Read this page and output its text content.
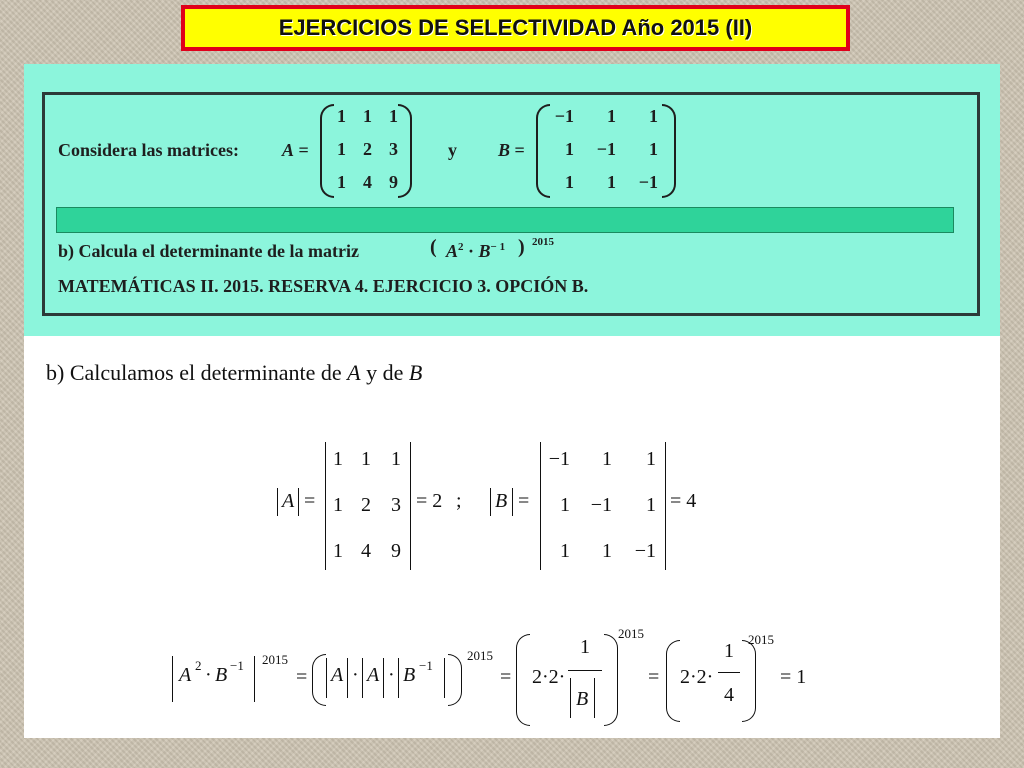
EJERCICIOS DE SELECTIVIDAD Año 2015 (II)
Considera las matrices: A =
1 1 1
1 2 3
1 4 9
y B =
−1	1	1
1	−1	1
1	1	−1
b) Calcula el determinante de la matriz	( $A^2 \cdot B^{- 1}$ ) 2015
MATEMÁTICAS II. 2015. RESERVA 4. EJERCICIO 3. OPCIÓN B.
b) Calculamos el determinante de A y de B
A =
1 1 1
1 2 3
1 4 9
= 2 ; B =
−1	1	1
1 −1	1
1	1 −1
= 4
A 2 · B −1 2015
= A · A · B −1
2015
= 2·2·
1
B
2015
= 2·2·
1
4
2015
= 1
